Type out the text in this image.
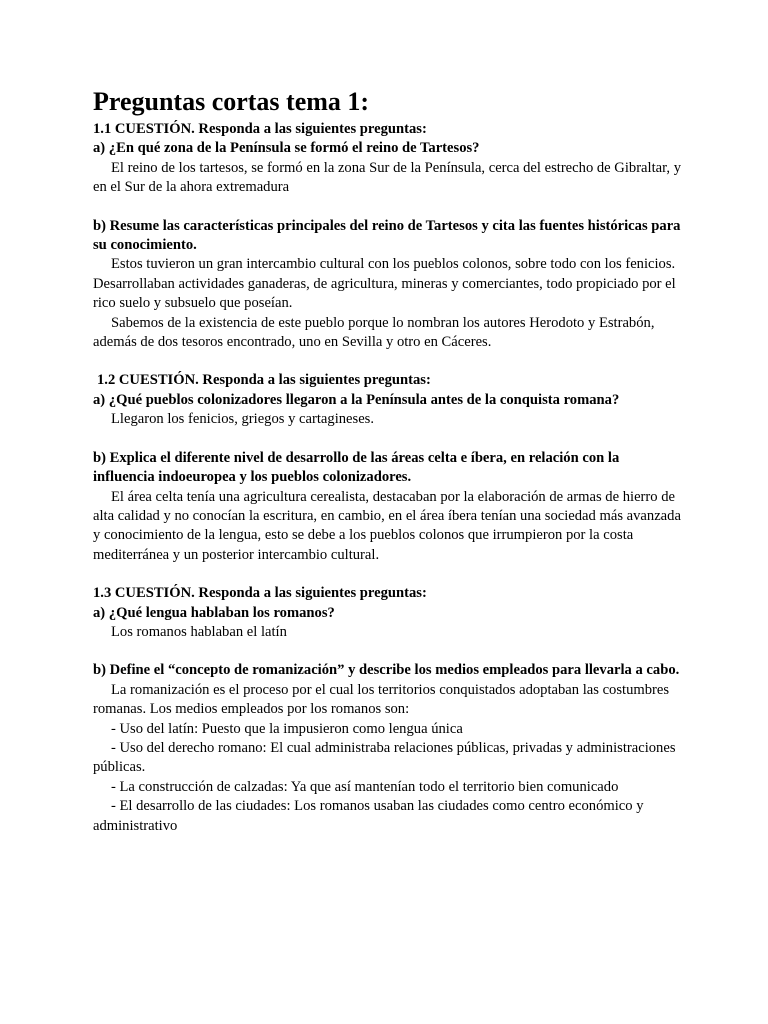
Preguntas cortas tema 1:
1.1 CUESTIÓN. Responda a las siguientes preguntas:
a) ¿En qué zona de la Península se formó el reino de Tartesos?
El reino de los tartesos, se formó en la zona Sur de la Península, cerca del estrecho de Gibraltar, y en el Sur de la ahora extremadura
b) Resume las características principales del reino de Tartesos y cita las fuentes históricas para su conocimiento.
Estos tuvieron un gran intercambio cultural con los pueblos colonos, sobre todo con los fenicios. Desarrollaban actividades ganaderas, de agricultura, mineras y comerciantes, todo propiciado por el rico suelo y subsuelo que poseían.
Sabemos de la existencia de este pueblo porque lo nombran los autores Herodoto y Estrabón, además de dos tesoros encontrado, uno en Sevilla y otro en Cáceres.
1.2 CUESTIÓN. Responda a las siguientes preguntas:
a) ¿Qué pueblos colonizadores llegaron a la Península antes de la conquista romana?
Llegaron los fenicios, griegos y cartagineses.
b) Explica el diferente nivel de desarrollo de las áreas celta e íbera, en relación con la influencia indoeuropea y los pueblos colonizadores.
El área celta tenía una agricultura cerealista, destacaban por la elaboración de armas de hierro de alta calidad y no conocían la escritura, en cambio, en el área íbera tenían una sociedad más avanzada y conocimiento de la lengua, esto se debe a los pueblos colonos que irrumpieron por la costa mediterránea y un posterior intercambio cultural.
1.3 CUESTIÓN. Responda a las siguientes preguntas:
a) ¿Qué lengua hablaban los romanos?
Los romanos hablaban el latín
b) Define el “concepto de romanización” y describe los medios empleados para llevarla a cabo.
La romanización es el proceso por el cual los territorios conquistados adoptaban las costumbres romanas. Los medios empleados por los romanos son:
- Uso del latín: Puesto que la impusieron como lengua única
- Uso del derecho romano: El cual administraba relaciones públicas, privadas y administraciones públicas.
- La construcción de calzadas: Ya que así mantenían todo el territorio bien comunicado
- El desarrollo de las ciudades: Los romanos usaban las ciudades como centro económico y administrativo
